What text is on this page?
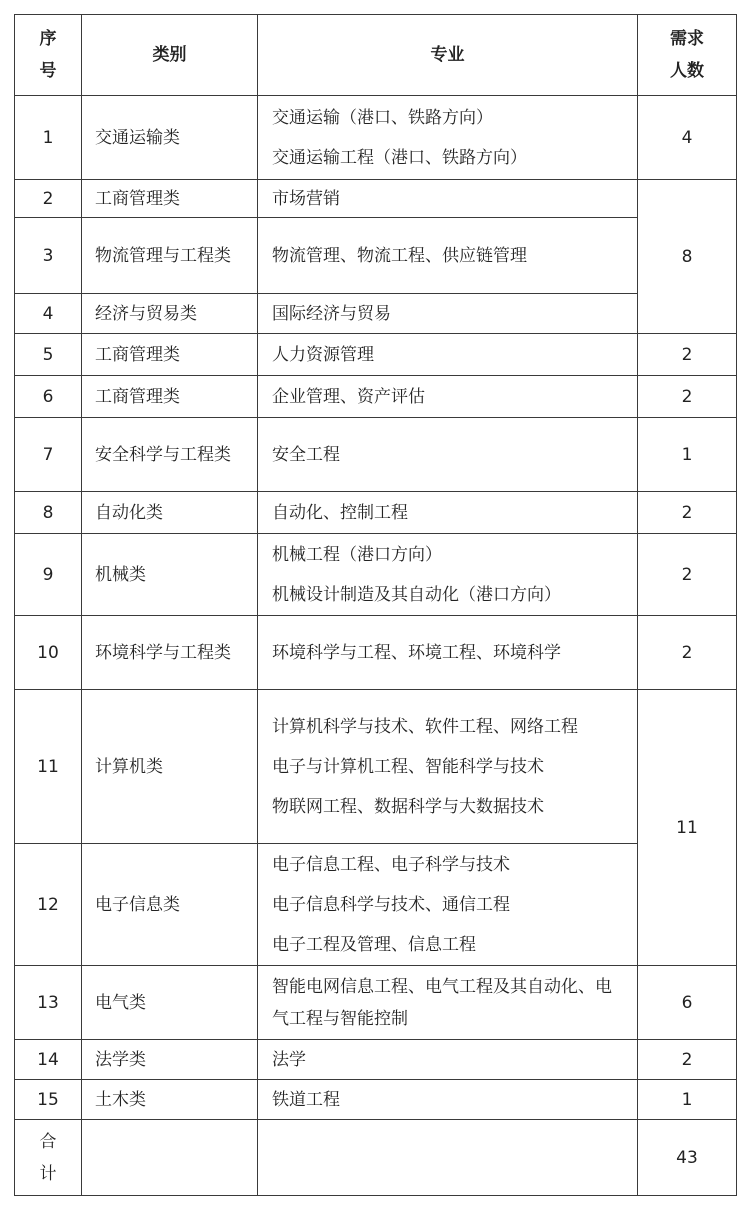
序号	类别	专业	需求人数
1	交通运输类	交通运输（港口、铁路方向）
交通运输工程（港口、铁路方向）	4
2	工商管理类	市场营销	8
3	物流管理与工程类	物流管理、物流工程、供应链管理	

4	经济与贸易类	国际经济与贸易	

5	工商管理类	人力资源管理	2
6	工商管理类	企业管理、资产评估	2
7	安全科学与工程类	安全工程	1
8	自动化类	自动化、控制工程	2
9	机械类	机械工程（港口方向）
机械设计制造及其自动化（港口方向）	2
10	环境科学与工程类	环境科学与工程、环境工程、环境科学	2
11	计算机类	计算机科学与技术、软件工程、网络工程
电子与计算机工程、智能科学与技术
物联网工程、数据科学与大数据技术	11
12	电子信息类	电子信息工程、电子科学与技术
电子信息科学与技术、通信工程
电子工程及管理、信息工程	

13	电气类	智能电网信息工程、电气工程及其自动化、电气工程与智能控制	6
14	法学类	法学	2
15	土木类	铁道工程	1
合计			43
